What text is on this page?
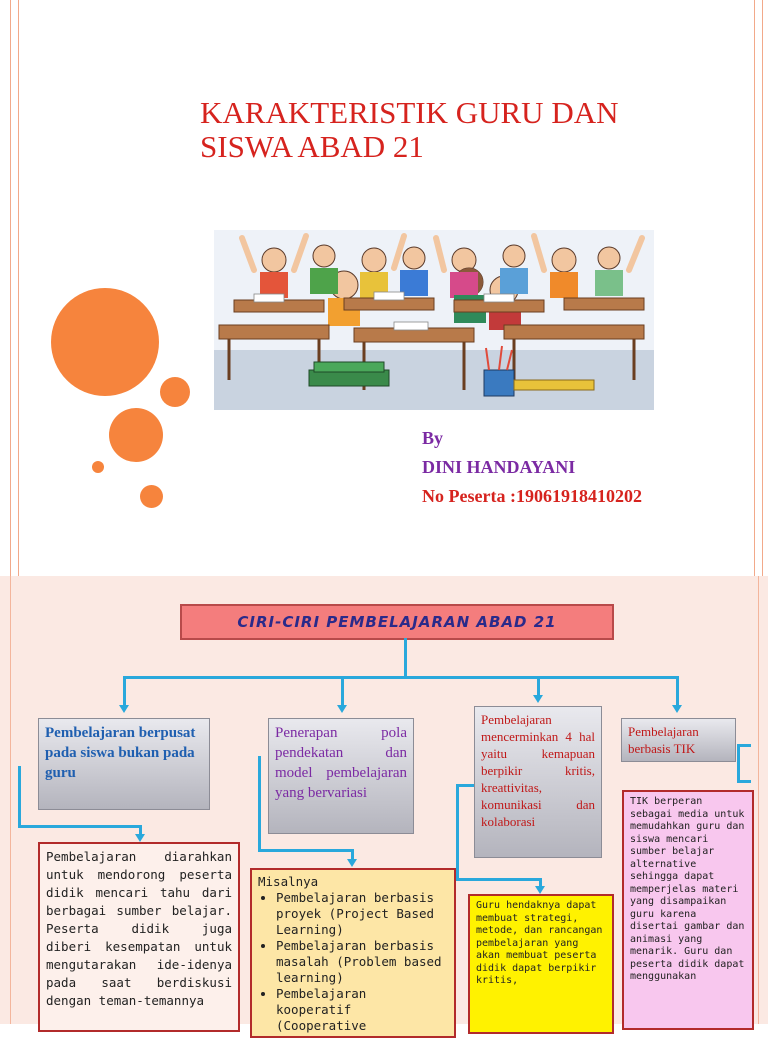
KARAKTERISTIK GURU DAN
SISWA ABAD 21
By
DINI HANDAYANI
No Peserta :19061918410202
CIRI-CIRI PEMBELAJARAN ABAD 21
Pembelajaran berpusat pada siswa bukan pada guru
Penerapan pola pendekatan dan model pembelajaran yang bervariasi
Pembelajaran mencerminkan 4 hal yaitu kemapuan berpikir kritis, kreattivitas, komunikasi dan kolaborasi
Pembelajaran berbasis TIK
Pembelajaran diarahkan untuk mendorong peserta didik mencari tahu dari berbagai sumber belajar. Peserta didik juga diberi kesempatan untuk mengutarakan ide-idenya pada saat berdiskusi dengan teman-temannya
Misalnya
• Pembelajaran berbasis proyek (Project Based Learning)
• Pembelajaran berbasis masalah (Problem based learning)
• Pembelajaran kooperatif (Cooperative
Guru hendaknya dapat membuat strategi, metode, dan rancangan pembelajaran yang akan membuat peserta didik dapat berpikir kritis,
TIK berperan sebagai media untuk memudahkan guru dan siswa mencari sumber belajar alternative sehingga dapat memperjelas materi yang disampaikan guru karena disertai gambar dan animasi yang menarik. Guru dan peserta didik dapat menggunakan
